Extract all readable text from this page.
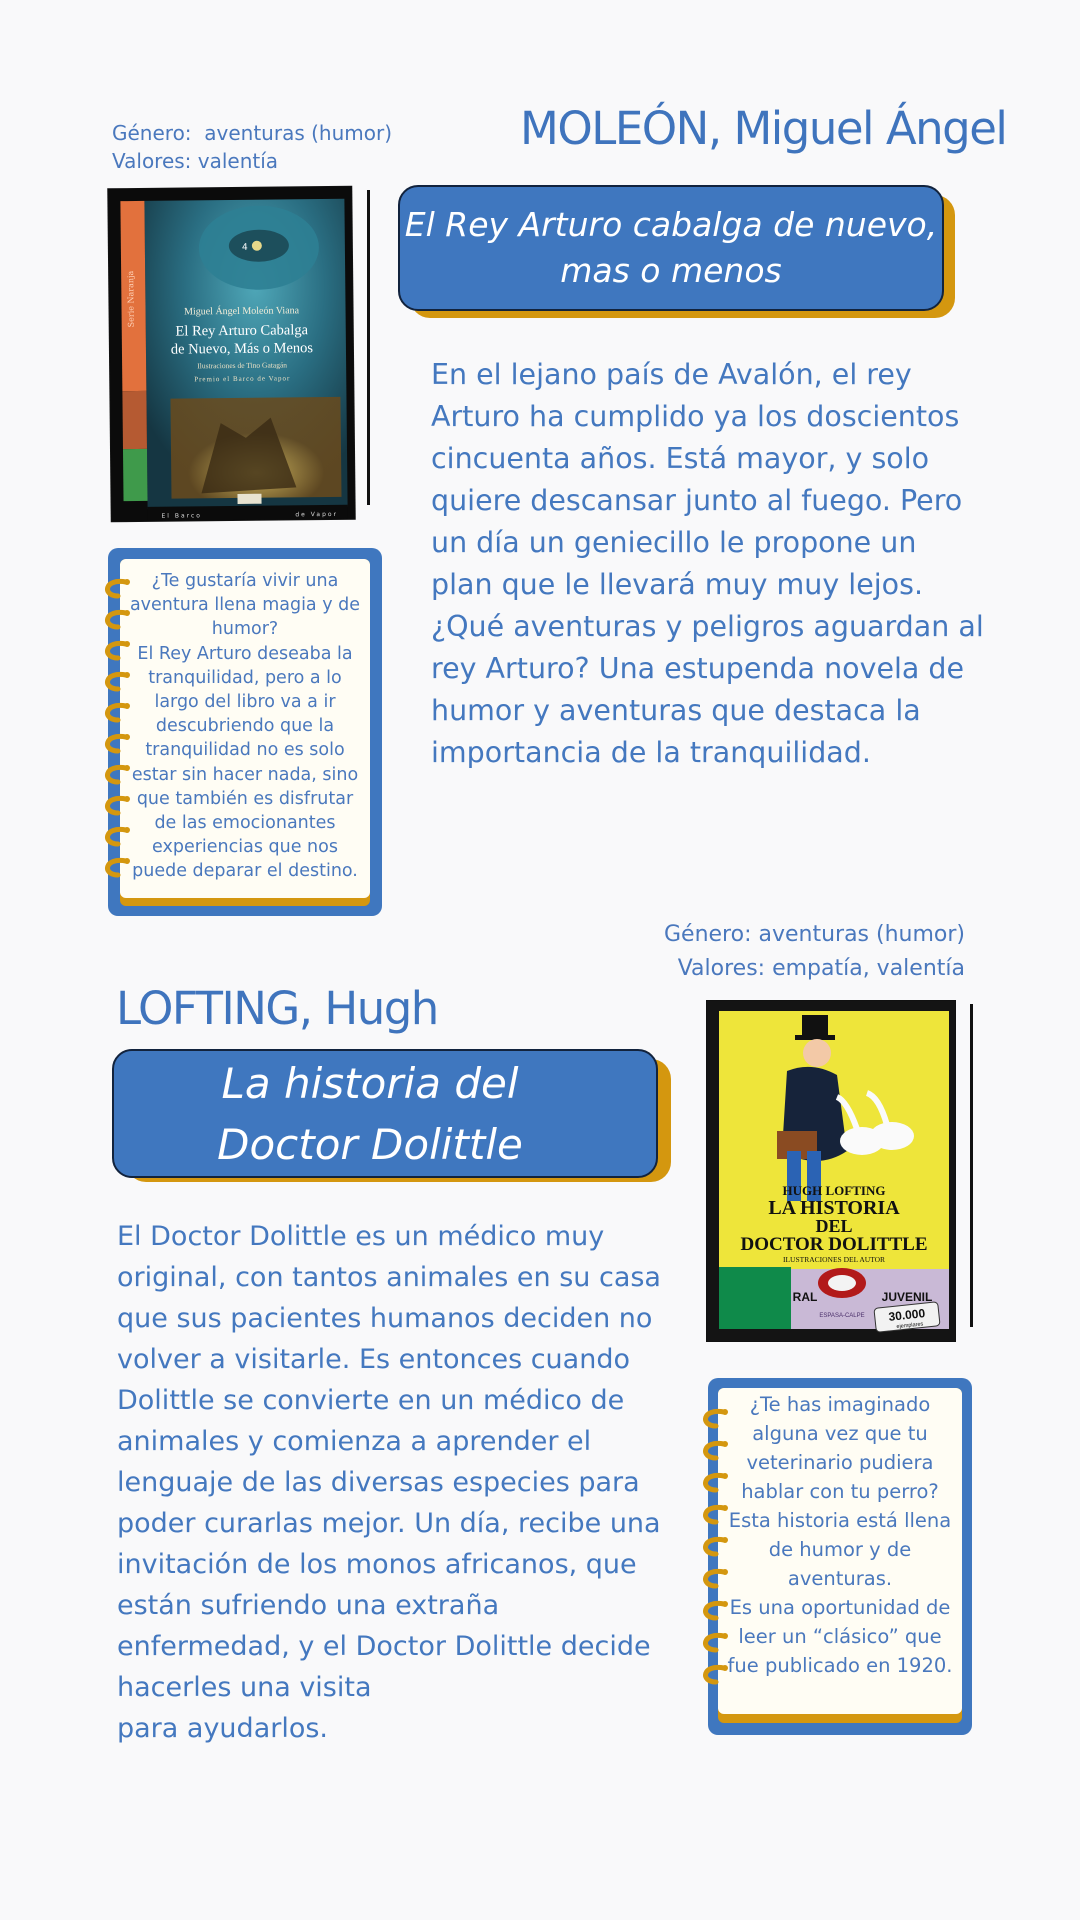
Género:  aventuras (humor)
Valores: valentía
MOLEÓN, Miguel Ángel
El Rey Arturo cabalga de nuevo,
mas o menos
En el lejano país de Avalón, el rey Arturo ha cumplido ya los doscientos cincuenta años. Está mayor, y solo quiere descansar junto al fuego. Pero un día un geniecillo le propone un plan que le llevará muy muy lejos. ¿Qué aventuras y peligros aguardan al rey Arturo? Una estupenda novela de humor y aventuras que destaca la importancia de la tranquilidad.
Serie Naranja
4
Miguel Ángel Moleón Viana
El Rey Arturo Cabalga
de Nuevo, Más o Menos
Ilustraciones de Tino Gatagán
Premio el Barco de Vapor
El Barco	de Vapor
¿Te gustaría vivir una aventura llena magia y de humor?
El Rey Arturo deseaba la tranquilidad, pero a lo largo del libro va a ir descubriendo que la tranquilidad no es solo estar sin hacer nada, sino que también es disfrutar de las emocionantes experiencias que nos puede deparar el destino.
Género: aventuras (humor)
Valores: empatía, valentía
LOFTING, Hugh
La historia del
Doctor Dolittle
El Doctor Dolittle es un médico muy original, con tantos animales en su casa que sus pacientes humanos deciden no volver a visitarle. Es entonces cuando Dolittle se convierte en un médico de animales y comienza a aprender el lenguaje de las diversas especies para poder curarlas mejor. Un día, recibe una invitación de los monos africanos, que están sufriendo una extraña enfermedad, y el Doctor Dolittle decide hacerles una visita
para ayudarlos.
HUGH LOFTING
LA HISTORIA
DEL
DOCTOR DOLITTLE
ILUSTRACIONES DEL AUTOR
RAL	JUVENIL
ESPASA-CALPE 30.000
ejemplares
¿Te has imaginado alguna vez que tu veterinario pudiera hablar con tu perro? Esta historia está llena de humor y de aventuras.
Es una oportunidad de leer un “clásico” que fue publicado en 1920.
